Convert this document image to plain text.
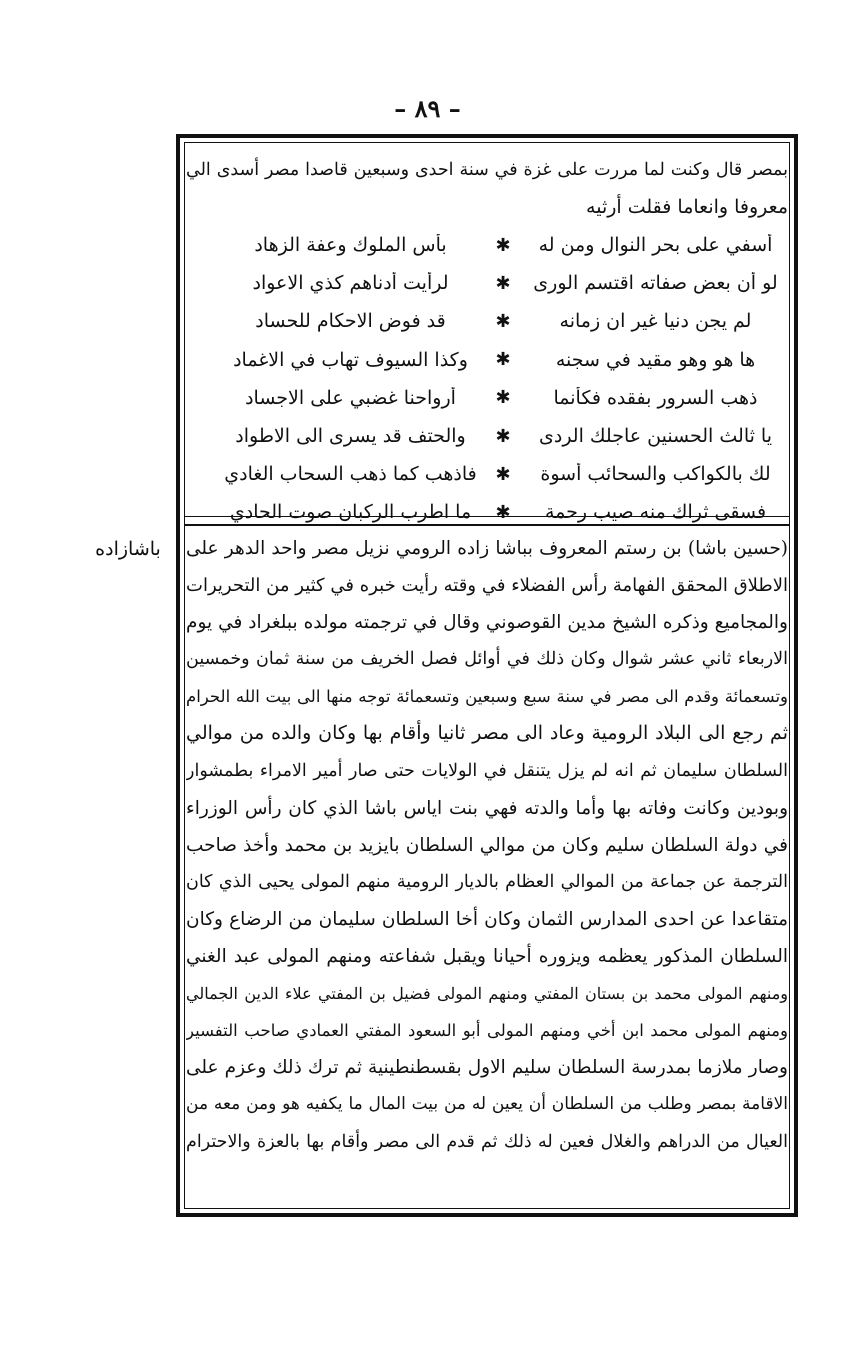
– ٨٩ –
باشازاده
بمصر قال وكنت لما مررت على غزة في سنة احدى وسبعين قاصدا مصر أسدى الي
معروفا وانعاما فقلت أرثيه
أسفي على بحر النوال ومن له
✱
بأس الملوك وعفة الزهاد
لو أن بعض صفاته اقتسم الورى
✱
لرأيت أدناهم كذي الاعواد
لم يجن دنيا غير ان زمانه
✱
قد فوض الاحكام للحساد
ها هو وهو مقيد في سجنه
✱
وكذا السيوف تهاب في الاغماد
ذهب السرور بفقده فكأنما
✱
أرواحنا غضبي على الاجساد
يا ثالث الحسنين عاجلك الردى
✱
والحتف قد يسرى الى الاطواد
لك بالكواكب والسحائب أسوة
✱
فاذهب كما ذهب السحاب الغادي
فسقى ثراك منه صيب رحمة
✱
ما اطرب الركبان صوت الحادي
(حسين باشا) بن رستم المعروف بباشا زاده الرومي نزيل مصر واحد الدهر على
الاطلاق المحقق الفهامة رأس الفضلاء في وقته رأيت خبره في كثير من التحريرات
والمجاميع وذكره الشيخ مدين القوصوني وقال في ترجمته مولده ببلغراد في يوم
الاربعاء ثاني عشر شوال وكان ذلك في أوائل فصل الخريف من سنة ثمان وخمسين
وتسعمائة وقدم الى مصر في سنة سبع وسبعين وتسعمائة توجه منها الى بيت الله الحرام
ثم رجع الى البلاد الرومية وعاد الى مصر ثانيا وأقام بها وكان والده من موالي
السلطان سليمان ثم انه لم يزل يتنقل في الولايات حتى صار أمير الامراء بطمشوار
وبودين وكانت وفاته بها وأما والدته فهي بنت اياس باشا الذي كان رأس الوزراء
في دولة السلطان سليم وكان من موالي السلطان بايزيد بن محمد وأخذ صاحب
الترجمة عن جماعة من الموالي العظام بالديار الرومية منهم المولى يحيى الذي كان
متقاعدا عن احدى المدارس الثمان وكان أخا السلطان سليمان من الرضاع وكان
السلطان المذكور يعظمه ويزوره أحيانا ويقبل شفاعته ومنهم المولى عبد الغني
ومنهم المولى محمد بن بستان المفتي ومنهم المولى فضيل بن المفتي علاء الدين الجمالي
ومنهم المولى محمد ابن أخي ومنهم المولى أبو السعود المفتي العمادي صاحب التفسير
وصار ملازما بمدرسة السلطان سليم الاول بقسطنطينية ثم ترك ذلك وعزم على
الاقامة بمصر وطلب من السلطان أن يعين له من بيت المال ما يكفيه هو ومن معه من
العيال من الدراهم والغلال فعين له ذلك ثم قدم الى مصر وأقام بها بالعزة والاحترام
